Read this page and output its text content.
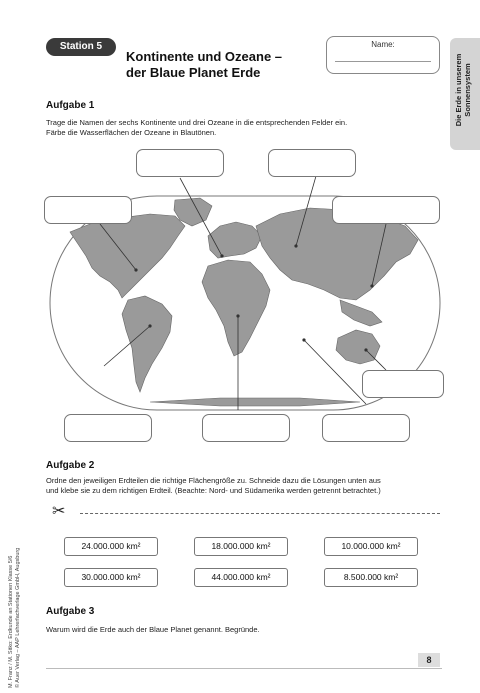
Station 5
Kontinente und Ozeane –
der Blaue Planet Erde
Name:
Die Erde in unserem Sonnensystem
Aufgabe 1
Trage die Namen der sechs Kontinente und drei Ozeane in die entsprechenden Felder ein.
Färbe die Wasserflächen der Ozeane in Blautönen.
Aufgabe 2
Ordne den jeweiligen Erdteilen die richtige Flächengröße zu. Schneide dazu die Lösungen unten aus
und klebe sie zu dem richtigen Erdteil. (Beachte: Nord- und Südamerika werden getrennt betrachtet.)
✂
24.000.000 km²	18.000.000 km²	10.000.000 km²
30.000.000 km²	44.000.000 km²	8.500.000 km²
Aufgabe 3
Warum wird die Erde auch der Blaue Planet genannt. Begründe.
M. Franz / M. Sitko: Erdkunde an Stationen Klasse 5/6 © Auer Verlag – AAP Lehrerfachverlage GmbH, Augsburg	8
